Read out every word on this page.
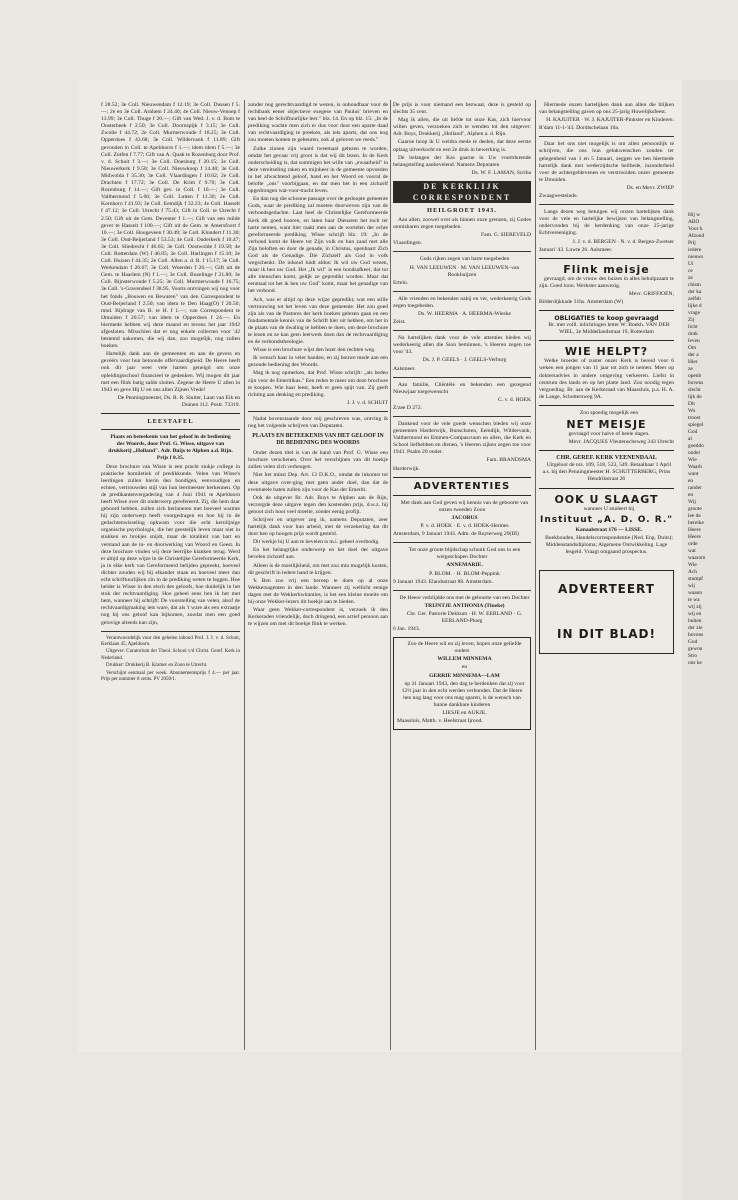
Hij w
ABO
Voor h
Afzond
Prij
iedere
nieuws
Ui
ce
ze
chism
der ka
zelfsb
lijke d
vrage
Zij
licht
drok
leven
Om
der a
Hier
ze
openb
bovens
slecht
lijk de
Dit
Wo
troost
spiegel
God
al
goeddo
onder
Wie
Waarh
want
en
rander
en
Wij
groote
lee de
bereike
Heere
Heere
orde
wat
waarom
Wie
Ach
stumpf
wij
waann
te wa
wij zij
wij en
buiten
der zie
bovens
God
gewon
Stro
ons ke

f 28.52; 3e Coll. Nieuwendam f 12.19; 3e Coll. Dussen f 5.—; 2e en 3e Coll. Arnhem f 24.40; 4e Coll. Nieuw-Vennep f 13.99; 3e Coll. Thuge f 20.—; Gift van Wed. J. v. d. Bom te Oosterbeek f 2.50; 3e Coll. Doornspijk f 3.15; 3e Coll. Zwolle f 44.72; 2e Coll. Murmerwoude f 18.25; 3e Coll. Opperdoes f 43.68; 3e Coll. Wildervank f 11.89; Gift gevonden in Coll. te Apeldoorn f 1.—; idem idem f 5.—; 3e Coll. Zutfen f 7.77; Gift van A. Quak te Rozenburg door Prof. v. d. Schuit f 3.—; 3e Coll. Doesburg f 20.15; 3e Coll. Nieuwerkerk f 9.50; 3e Coll. Nieuwkoop f 14.40; 3e Coll. Midwolda f 35.30; 3e Coll. Vlaardingen f 10.62; 2e Coll. Drachten f 17.72; 3e Coll. De Krim f 9.70; 3e Coll. Rozenburg f 14.—; Gift gev. in Coll. f 10.—; 3e Coll. Valthermond f 5.66; 3e Coll. Lutten f 11.30; 2e Coll. Kornhorn f 41.93; 3e Coll. Eemdijk f 32.23; 4e Coll. Hasselt f 47.12; 3e Coll. Utrecht f 75.43; Gift in Coll. te Utrecht f 2.50; Gift uit de Gem. Deventer f 1.—; Gift van een milde gever te Hasselt f 100.—; Gift uit de Gem. te Amersfoort f 10.—; 3e Coll. Hoogeveen f 30.49; 3e Coll. Klundert f 11.30; 3e Coll. Oud-Beijerland f 53.53; 4e Coll. Ouderkerk f 10.47; 3e Coll. Sliedrecht f 46.65; 3e Coll. Oostwolde f 19.58; 4e Coll. Rotterdam (W) f 46.05; 3e Coll. Harlingen f 15.10; 2e Coll. Huizen f 44.35; 2e Coll. Allen a. d. R. f 15.17; 3e Coll. Werkendam f 26.67; 3e Coll. Woerden f 26.—; Gift uit de Gem. te Haarlem (N) f 1.—; 3e Coll. Bozelinge f 21.80; 3e Coll. Bijnsterwoude f 5.25; 3e Coll. Murmerwoude f 16.75; 3e Coll. 's-Gravendeel f 38.95. Voorts ontvingen wij nog voor het fonds „Bouwen en Bewaren" van den Correspondent te Oud-Beijerland f 2.50; van idem te Den Haag(O) f 20.50; mnd. Bijdrage van B. te H. f 1.—; van Correspondent te IJmuiden f 20.57; van idem te Opperdoes f 24.—. En hiermede hebben wij deze maand en tevens het jaar 1942 afgesloten. Misschien dat er nog enkele collecten voor '42 bestemd nakomen, die wij dan, zoo mogelijk, nog zullen boeken.

Hartelijk dank aan de gemeenten en aan de gevers en gevéérs voor hun betoonde offervaardigheid. De Heere heeft ook dit jaar weer vele harten geneigd om onze opleidingsschool financieel te gedenken. Wij mogen dit jaar met een flink batig saldo sluiten. Zegene de Heere U allen in 1943 en geve Hij U en ons allen Zijnen Vrede!

De Penningmeester, Ds. R. R. Sluiter, Laan van Eik en Duinen 112. Postr. 73319.

LEESTAFEL

Plaats en beteekenis van het geloof in de bediening des Woords, door Prof. G. Wisse, uitgave van drukkerij „Holland". Adr. Buijs te Alphen a.d. Rijn. Prijs f 0.35.

Deze brochure van Wisse is een pracht stukje college in praktische homiletiek of predikkunde. Velen van Wisse's leerlingen zullen hierin den bondigen, eenvoudigen en echten, vertrouwden stijl van hun leermeester herkennen. Op de predikantenvergadering van 4 Juni 1941 te Apeldoorn heeft Wisse over dit onderwerp gerefereerd. Zij, die hem daar gehoord hebben, zullen zich herinneren met hoeveel warmte hij zijn onderwerp heeft voorgedragen en hoe hij in de gedachtenwisseling opkwam voor die echt kernlijnige organische psychologie, die het geestelijk leven maar niet in stukken en brokjes snijdt, maar de totaliteit van hart en verstand aan de in- en doorwerking van Woord en Geest. In deze brochure vinden wij deze leerrijke klanken terug. Werd er altijd op deze wijze in de Christelijke Gereformeerde Kerk, ja in elke kerk van Gereformeerd belijden gepreekt, hoeveel dichter zouden wij bij elkander staan en hoeveel meer dan echt schriftuurlijken zin in de prediking weten te leggen. Hoe helder is Wisse in den eisch des geloofs, hoe duidelijk in het stuk der rechtvaardiging. Hoe geheel eens ben ik het met hem, wanneer hij schrijft: De voorstelling van velen, alsof de rechtvaardigmaking iets ware, dat als 't ware als een extraatje nog bij ons geloof kan bijkomen, zoodat men een goed gelovige alreeds kan zijn,

Verantwoordelijk voor den gehelen inhoud Prof. J. J. v. d. Schuit, Kerklaan 45, Apeldoorn.

Uitgever: Curatorium der Theol. School v/d Christ. Geref. Kerk in Nederland.

Drukker: Drukkerij B. Kramer en Zoon te Utrecht.

Verschijnt eenmaal per week. Abonnementsprijs f 4.— per jaar. Prijs per nummer 8 cents. PV 2050/1.

zonder nog gerechtvaardigd te wezen, is onhoudbaar voor de rechtbank eener objectieve exegese van Paulus' brieven en van heel de Schriftuurlijke leer." blz. 14. En op blz. 15: „In de prediking wachte men zich er dus voor door een aparte daad van rechtvaardiging te preeken, als iets aparts, dat ons nog zou moeten komen te gebeuren, ook al geloven we reeds."

Zulke zinnen zijn waard tweemaal gelezen te worden, omdat het gevaar vrij groot is dat wij dit lezen. In de Kerk onderscheiding is, dat sommigen het wille van „ewaarheid" in deze vereitseling raken en mijnheer in de gemeente opvoeden in het afwachtend geloof, hand en het Woord en vooral de belofte „ons" voorbijgaan, en dat men het in een zichzelf opgedrongen wat-voor-tracht leven.

En dan nog die schoone passage over de gedoopte gemeente Gods, waar de prediking zal moeten doorweven zijn van de verbondsgedachte. Laat heel de Christelijke Gereformeerde Kerk dit goed hooren, en laten haar Dienaren het toch ter harte nemen, want hier raakt men aan de wortelen der echte gereformeerde prediking. Wisse schrijft blz. 19: „In de verbond komt de Heere tot Zijn volk en hun zaad met alle Zijn beloften en door de genade, in Christus, openbaart Zich God als de Genadige. Die Zichzelf als God in volk wegschenkt. De inhoud luidt aldus: Ik wil uw God wezen, maar ik ben uw God. Het „Ik wil" is een bondsafkeer, dat tot alle menschen komt, gelijk ze gepredikt worden. Maar dat eenmaal tot het ik ben uw God" komt, maar het genadige van het verbond.

Ach, was er altijd op deze wijze gepredikt, wat een stille vertrouwing tot het leven van deze gemeente. Het zou goed zijn als van de Pastores der kerk boeken gelezen gaan en een fundamentale kennis van de Schrift hier uit hebben, om het in de plaats van de dwaling te hebben te doen, om deze brochure te lezen en ze kan geen leerwerk doen dan de rechtvaardiging en de verbondstheologie.

Wisse is een brochure wijst den lezer den rechten weg.

Ik wensch haar in veler handen, en zij bouwe mede aan een gezonde bediening des Woords.

Mag ik nog opmerken, dat Prof. Wisse schrijft: „als beden zijn voor de Emeritikas." Een reden te meer om deze brochure te koopen. Wie haar leest, heeft er geen spijt van. Zij geeft richting aan denking en prediking.

J. J. v. d. SCHUIT

Nadat bovenstaande door mij geschreven was, ontving ik nog het volgende schrijven van Deputaten.

PLAATS EN BETEEKENIS VAN HET GELOOF IN DE BEDIENING DES WOORDS

Onder dezen titel is van de hand van Prof. G. Wisse een brochure verschenen. Over het verschijnen van dit boekje zullen velen zich verheugen.

Niet het minst Dep. Art. 13 D.K.O., omdat de inkomst tot deze uitgave over-ging met geen ander doel, dan dat de eventueele baten zullen zijn voor de Kas der Emeriti.

Ook de uitgever Br. Adr. Buys te Alphen aan de Rijn, verzorgde deze uitgave tegen den kostenden prijs, d.w.z. hij genoot zich hooi veel moeite, zonder eenig profijt.

Schrijver en uitgever zeg ik, namens Deputaten, zeer hartelijk dank voor hun arbeid, met de verzekering dat dit door hen op hoogen prijs wordt gesteld.

Dit werkje bij U aan te bevelen is m.i. geheel overbodig.

En het belangrijke onderwerp en het doel der uitgave bevelen zichzelf aan.

Alleen is de moeilijkheid, om met zoo min mogelijk kosten, dit geschrift in iedere hand te krijgen.

'k Ben zoo vrij een beroep te doen op al onze Wekkersagenten in den lande. Wanneer zij wellicht eenige dagen met de Wekkerkwitanties, is het een kleine moeite om bij onze Wekker-lezers dit boekje aan te bieden.

Waar geen Wekker-correspondent is, verzoek ik den Kerkeraden vriendelijk, doch dringend, een actief persoon aan te wijzen om met dit boekje flink te werken.

De prijs is voor niemand een bezwaar, deze is gesteld op slechts 35 cent.

Mag ik allen, die uit liefde tot onze Kas, zich hiervoor willen geven, verzoeken zich te wenden tot den uitgever: Adr. Buys, Drukkerij „Holland", Alphen a. d. Rijn.

Gaarne hoop ik U weldra mede te deelen, dat deze eerste oplaag uitverkocht en een 2e druk in bewerking is.

De belangen der Kas gaarne in Uw voortdurende belangstelling aanbevelend. Namens Deputaten

Ds. W. F. LAMAN, Scriba

DE KERKLIJK CORRESPONDENT
HEILGROET 1943.

Aan allen, zoowel over als binnen onze grenzen, zij Godes onmisbaren zegen toegebeden.

Fam. G. SIEREVELD

Vlaardingen.

Gods rijken zegen van harte toegebeden

H. VAN LEEUWEN · M. VAN LEEUWEN–van Rookhuijzen

Ertelo.

Alle vrienden en bekenden nabij en ver, wederkeerig Gods zegen toegebeden.

Ds. W. HEERMA · A. HEERMA-Wieske

Zeist.

Na hartelijken dank voor de vele attenties bieden wij wederkeerig allen die Sion beminnen, 's Heeren zegen toe voor '43.

Ds. J. P. GEELS · J. GEELS-Verburg

Aalsmeer.

Aan familie, Cliëntèle en bekenden een gezegend Nieuwjaar toegewenscht

C. v. d. HOEK

Z/zee D 272.

Dankend voor de vele goede wenschen bieden wij onze gemeenten Harderwijk, Bunschoten, Eemdijk, Wildervank, Valthermond en Emmen-Compascuum en allen, die Kerk en School liefhebben en dienen, 's Heeren zijken zegen toe voor 1943. Psalm 20 onder.

Fam. BRANDSMA

Harderwijk.

ADVERTENTIES

Met dank aan God geven wij kennis van de geboorte van onzen tweeden Zoon

JACOBUS

P. v. d. HOEK · E. v. d. HOEK-Hermes

Amsterdam, 9 Januari 1943. Adm. de Ruyterweg 29(III)

Tot onze groote blijdschap schonk God ons in een welgeschapen Dochter

ANNEMARIE.

P. BLOM. · H. BLOM-Peppink

9 Januari 1943. Elandsstraat 88. Amsterdam.

De Heere verblijdde ons met de geboorte van een Dochter

TRIJNTJE ANTHONIA (Tineke)

Chr. Ger. Pastorie Dekkum · H. W. EERLAND · G. EERLAND-Ploeg

6 Jan. 1943.

Zoo de Heere wil en zij leven, hopen onze geliefde ouders

WILLEM MINNEMA

en

GERRIE MINNEMA—LAM

op 31 Januari 1943, den dag te herdenken dat zij voor 12½ jaar in den echt werden verbonden. Dat de Heere hen nog lang voor ons mag sparen, is de wensch van hunne dankbare kinderen

LIESJE en AUKJE.

Maassluis, Matth. v. Heelstraat Ijrood.

Hiermede onzen hartelijken dank aan allen die blijken van belangstelling gaven op ons 25-jarig Huwelijksfeest.

H. KAJUITER · W. J. KAJUITER-Pinkster en Kinderen.

R'dam 11-1-'43. Dordtschelaan 10a.

Daar het ons niet mogelijk is om allen persoonlijk te schrijven, die ons hun gelukwenschen zonden ter gelegenheid van 1 en 5 Januari, zeggen we hen hiermede hartelijk dank met wederzijdsche heilbede, inzonderheid voor de achtergeblevenen en verstrooiden onzer gemeente te IJmuiden.

Ds. en Mevr. ZWIEP

Zwaagwesteinde.

Langs dezen weg betuigen wij onzen hartelijken dank voor de vele en hartelijke bewijzen van belangstelling, ondervonden bij de herdenking van onze 25-jarige Echtvereeniging.

J. J. v. d. BERGEN · N. v. d. Bergen-Zwetser

Januari '43. Luwte 26. Aalsmeer.

Flink meisje

gevraagd, om de vrouw des huizes in alles behulpzaam te zijn. Goed loon. Werkster aanwezig.

Mevr. GRIFFIOEN,

Bilderdijkkade 31hs. Amsterdam (W)

OBLIGATIES te koop gevraagd

Br. met volll. inlichtingen letter W: Boekh. VAN DER WIEL, 2e Middellandstraat 19, Rotterdam

WIE HELPT?

Welke broeder of zuster onzer Kerk is bereid voor 6 weken een jongen van 11 jaar tot zich te nemen. Meer op doktersadvies in andere omgeving verkeeren. Liefst in centrum des lands en op het platte land. Zoo noodig tegen vergoeding. Br. aan de Kerkeraad van Maassluis, p.a. H. A. de Lange, Schuttersweg 9A.

Zoo spoedig mogelijk een

NET MEISJE

gevraagd voor halve of heele dagen.

Mevr. JACQUES Vleutenscheweg 343 Utrecht

CHR. GEREF. KERK VEENENDAAL

Uitgeloot de nrs. 109, 518, 523, 549. Betaalbaar 1 April a.s. bij den Penningmeester H. SCHUTTERBERG, Prins Hendrikstraat 26

OOK U SLAAGT

wanneer U studeert bij

Instituut „A. D. O. R."

Kanaalstraat 176 — LISSE.

Boekhouden, Handelscorrespondentie (Ned. Eng. Duits); Middenstandsdiploma; Algemene Ontwikkeling. Lage lesgeld. Vraagt omgaand prospectus.

ADVERTEERT
IN DIT BLAD!
